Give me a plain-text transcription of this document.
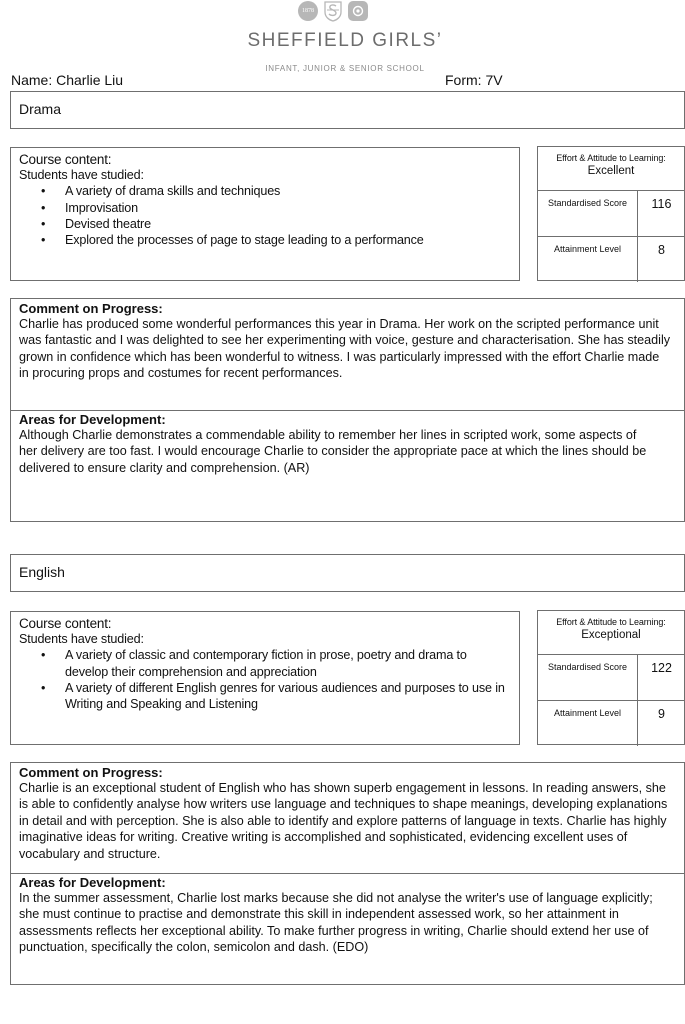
1878
SHEFFIELD GIRLS’
INFANT, JUNIOR & SENIOR SCHOOL
Name: Charlie Liu	Form: 7V
Drama
Course content:
Students have studied:
• A variety of drama skills and techniques
• Improvisation
• Devised theatre
• Explored the processes of page to stage leading to a performance
Effort & Attitude to Learning:
Excellent
Standardised Score	116
Attainment Level	8
Comment on Progress:
Charlie has produced some wonderful performances this year in Drama. Her work on the scripted performance unit was fantastic and I was delighted to see her experimenting with voice, gesture and characterisation. She has steadily grown in confidence which has been wonderful to witness. I was particularly impressed with the effort Charlie made in procuring props and costumes for recent performances.
Areas for Development:
Although Charlie demonstrates a commendable ability to remember her lines in scripted work, some aspects of her delivery are too fast. I would encourage Charlie to consider the appropriate pace at which the lines should be delivered to ensure clarity and comprehension. (AR)
English
Course content:
Students have studied:
• A variety of classic and contemporary fiction in prose, poetry and drama to develop their comprehension and appreciation
• A variety of different English genres for various audiences and purposes to use in Writing and Speaking and Listening
Effort & Attitude to Learning:
Exceptional
Standardised Score	122
Attainment Level	9
Comment on Progress:
Charlie is an exceptional student of English who has shown superb engagement in lessons. In reading answers, she is able to confidently analyse how writers use language and techniques to shape meanings, developing explanations in detail and with perception. She is also able to identify and explore patterns of language in texts. Charlie has highly imaginative ideas for writing. Creative writing is accomplished and sophisticated, evidencing excellent uses of vocabulary and structure.
Areas for Development:
In the summer assessment, Charlie lost marks because she did not analyse the writer's use of language explicitly; she must continue to practise and demonstrate this skill in independent assessed work, so her attainment in assessments reflects her exceptional ability. To make further progress in writing, Charlie should extend her use of punctuation, specifically the colon, semicolon and dash. (EDO)
